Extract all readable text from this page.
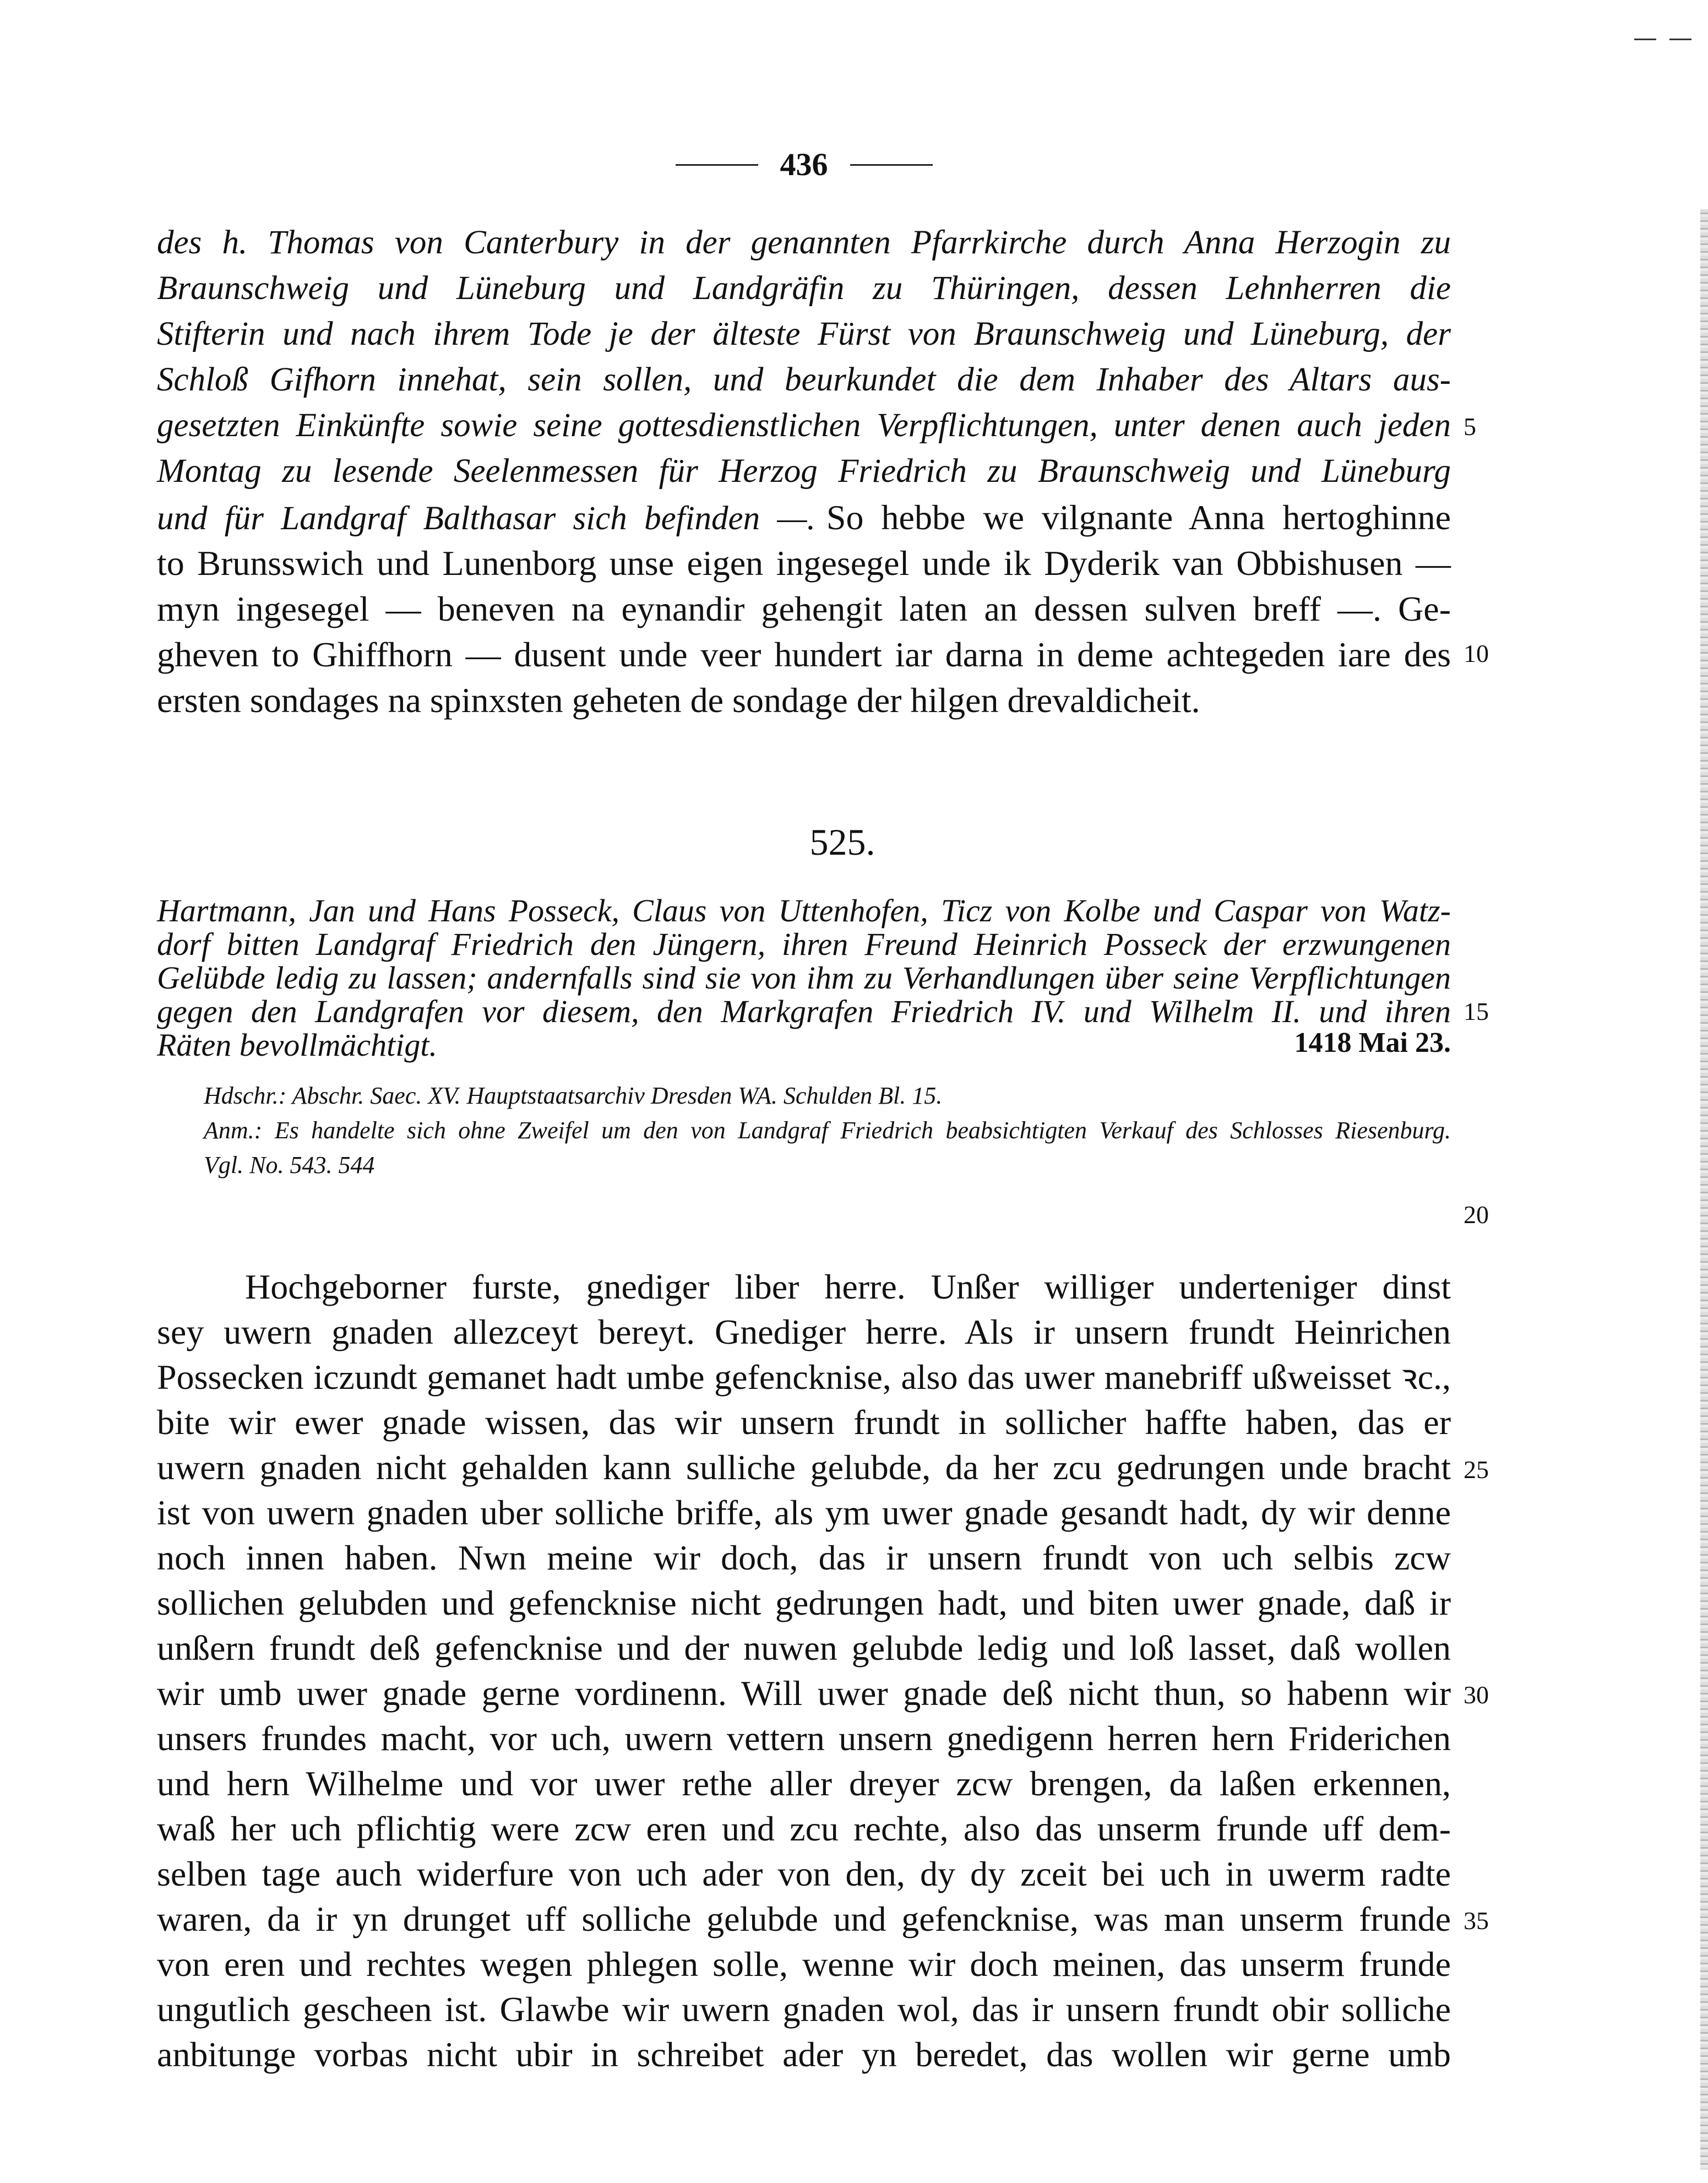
436
des h. Thomas von Canterbury in der genannten Pfarrkirche durch Anna Herzogin zu
Braunschweig und Lüneburg und Landgräfin zu Thüringen, dessen Lehnherren die
Stifterin und nach ihrem Tode je der älteste Fürst von Braunschweig und Lüneburg, der
Schloß Gifhorn innehat, sein sollen, und beurkundet die dem Inhaber des Altars aus-
gesetzten Einkünfte sowie seine gottesdienstlichen Verpflichtungen, unter denen auch jeden
Montag zu lesende Seelenmessen für Herzog Friedrich zu Braunschweig und Lüneburg
und für Landgraf Balthasar sich befinden —. So hebbe we vilgnante Anna hertoghinne
to Brunsswich und Lunenborg unse eigen ingesegel unde ik Dyderik van Obbishusen —
myn ingesegel — beneven na eynandir gehengit laten an dessen sulven breff —. Ge-
gheven to Ghiffhorn — dusent unde veer hundert iar darna in deme achtegeden iare des
ersten sondages na spinxsten geheten de sondage der hilgen drevaldicheit.
525.
Hartmann, Jan und Hans Posseck, Claus von Uttenhofen, Ticz von Kolbe und Caspar von Watz-
dorf bitten Landgraf Friedrich den Jüngern, ihren Freund Heinrich Posseck der erzwungenen
Gelübde ledig zu lassen; andernfalls sind sie von ihm zu Verhandlungen über seine Verpflichtungen
gegen den Landgrafen vor diesem, den Markgrafen Friedrich IV. und Wilhelm II. und ihren
Räten bevollmächtigt.	1418 Mai 23.
Hdschr.: Abschr. Saec. XV. Hauptstaatsarchiv Dresden WA. Schulden Bl. 15.
Anm.: Es handelte sich ohne Zweifel um den von Landgraf Friedrich beabsichtigten Verkauf des Schlosses Riesenburg.
Vgl. No. 543. 544
Hochgeborner furste, gnediger liber herre. Unßer williger underteniger dinst
sey uwern gnaden allezceyt bereyt. Gnediger herre. Als ir unsern frundt Heinrichen
Possecken iczundt gemanet hadt umbe gefencknise, also das uwer manebriff ußweisset ꝛc.,
bite wir ewer gnade wissen, das wir unsern frundt in sollicher haffte haben, das er
uwern gnaden nicht gehalden kann sulliche gelubde, da her zcu gedrungen unde bracht
ist von uwern gnaden uber solliche briffe, als ym uwer gnade gesandt hadt, dy wir denne
noch innen haben. Nwn meine wir doch, das ir unsern frundt von uch selbis zcw
sollichen gelubden und gefencknise nicht gedrungen hadt, und biten uwer gnade, daß ir
unßern frundt deß gefencknise und der nuwen gelubde ledig und loß lasset, daß wollen
wir umb uwer gnade gerne vordinenn. Will uwer gnade deß nicht thun, so habenn wir
unsers frundes macht, vor uch, uwern vettern unsern gnedigenn herren hern Friderichen
und hern Wilhelme und vor uwer rethe aller dreyer zcw brengen, da laßen erkennen,
waß her uch pflichtig were zcw eren und zcu rechte, also das unserm frunde uff dem-
selben tage auch widerfure von uch ader von den, dy dy zceit bei uch in uwerm radte
waren, da ir yn drunget uff solliche gelubde und gefencknise, was man unserm frunde
von eren und rechtes wegen phlegen solle, wenne wir doch meinen, das unserm frunde
ungutlich gescheen ist. Glawbe wir uwern gnaden wol, das ir unsern frundt obir solliche
anbitunge vorbas nicht ubir in schreibet ader yn beredet, das wollen wir gerne umb
5
10
15
20
25
30
35
